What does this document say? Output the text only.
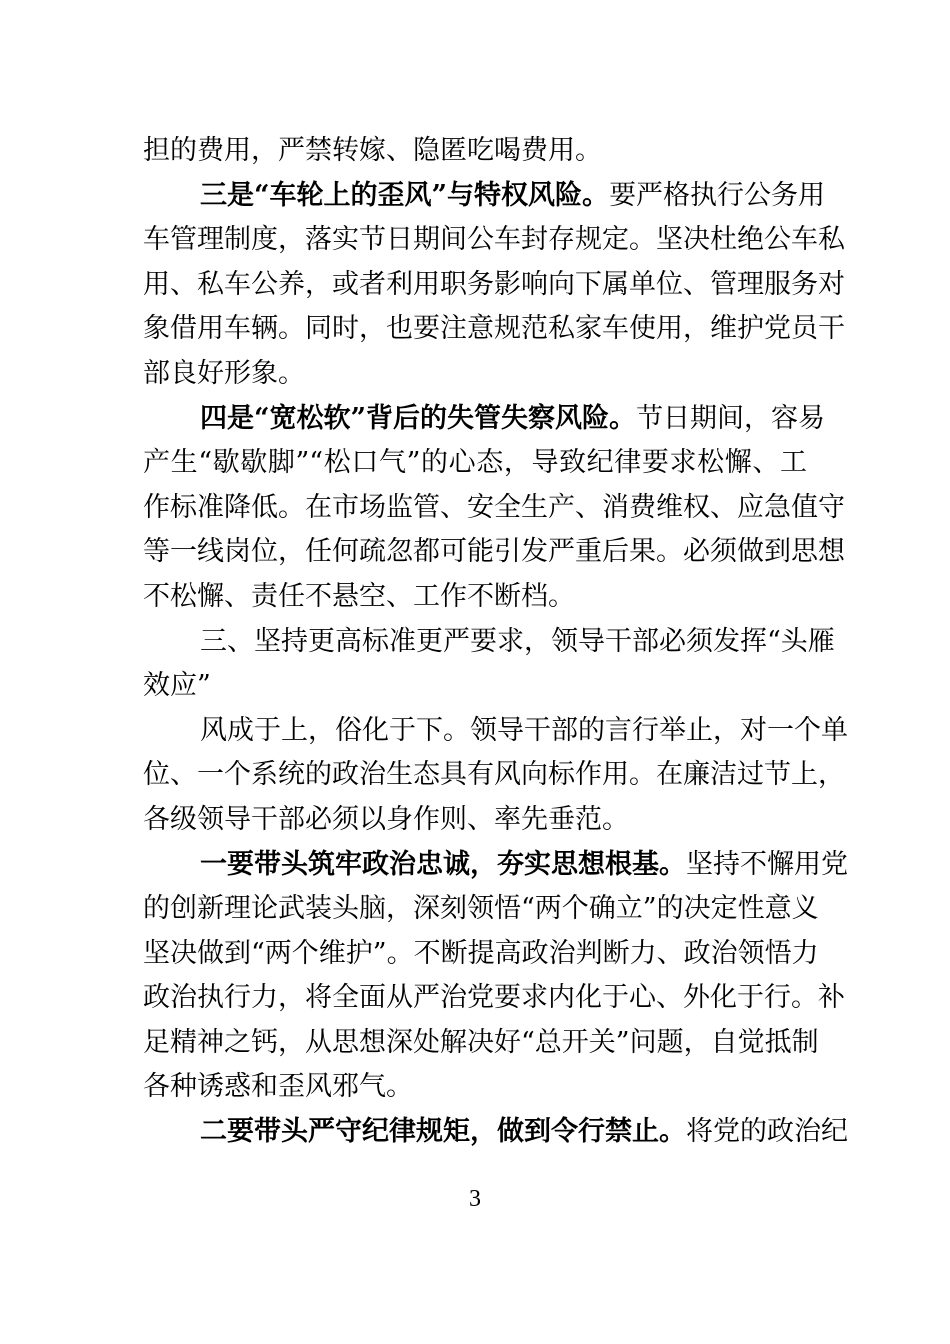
担的费用，严禁转嫁、隐匿吃喝费用。
三是“车轮上的歪风”与特权风险。要严格执行公务用
车管理制度，落实节日期间公车封存规定。坚决杜绝公车私
用、私车公养，或者利用职务影响向下属单位、管理服务对
象借用车辆。同时，也要注意规范私家车使用，维护党员干
部良好形象。
四是“宽松软”背后的失管失察风险。节日期间，容易
产生“歇歇脚”“松口气”的心态，导致纪律要求松懈、工
作标准降低。在市场监管、安全生产、消费维权、应急值守
等一线岗位，任何疏忽都可能引发严重后果。必须做到思想
不松懈、责任不悬空、工作不断档。
三、坚持更高标准更严要求，领导干部必须发挥“头雁
效应”
风成于上，俗化于下。领导干部的言行举止，对一个单
位、一个系统的政治生态具有风向标作用。在廉洁过节上，
各级领导干部必须以身作则、率先垂范。
一要带头筑牢政治忠诚，夯实思想根基。坚持不懈用党
的创新理论武装头脑，深刻领悟“两个确立”的决定性意义
坚决做到“两个维护”。不断提高政治判断力、政治领悟力
政治执行力，将全面从严治党要求内化于心、外化于行。补
足精神之钙，从思想深处解决好“总开关”问题，自觉抵制
各种诱惑和歪风邪气。
二要带头严守纪律规矩，做到令行禁止。将党的政治纪
3
